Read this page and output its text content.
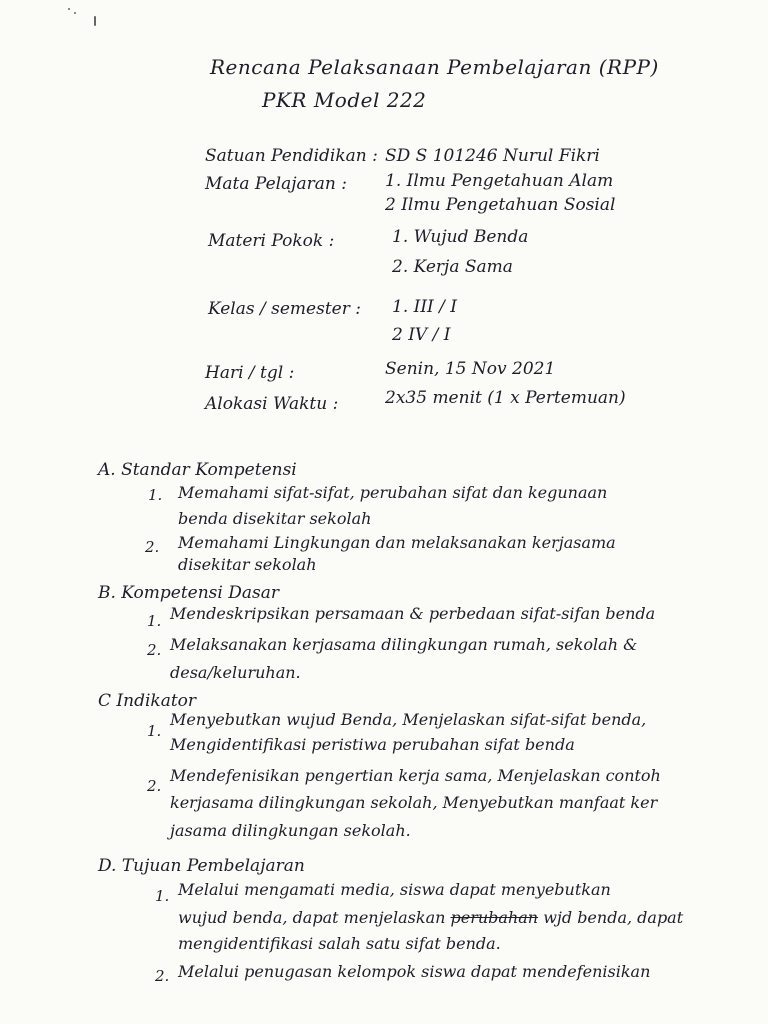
Rencana Pelaksanaan Pembelajaran (RPP)
PKR Model 222
Satuan Pendidikan : SD S 101246 Nurul Fikri
Mata Pelajaran : 1. Ilmu Pengetahuan Alam
2 Ilmu Pengetahuan Sosial
Materi Pokok :	1. Wujud Benda
2. Kerja Sama
Kelas / semester : 1. III / I
2 IV / I
Hari / tgl :	Senin, 15 Nov 2021
Alokasi Waktu :	2x35 menit (1 x Pertemuan)
A. Standar Kompetensi
1. Memahami sifat-sifat, perubahan sifat dan kegunaan
benda disekitar sekolah
2. Memahami Lingkungan dan melaksanakan kerjasama
disekitar sekolah
B. Kompetensi Dasar
1. Mendeskripsikan persamaan & perbedaan sifat-sifan benda
2. Melaksanakan kerjasama dilingkungan rumah, sekolah &
desa/keluruhan.
C Indikator
1.
Menyebutkan wujud Benda, Menjelaskan sifat-sifat benda,
Mengidentifikasi peristiwa perubahan sifat benda
2.
Mendefenisikan pengertian kerja sama, Menjelaskan contoh
kerjasama dilingkungan sekolah, Menyebutkan manfaat ker
jasama dilingkungan sekolah.
D. Tujuan Pembelajaran
1. Melalui mengamati media, siswa dapat menyebutkan
wujud benda, dapat menjelaskan perubahan wjd benda, dapat
mengidentifikasi salah satu sifat benda.
2. Melalui penugasan kelompok siswa dapat mendefenisikan
